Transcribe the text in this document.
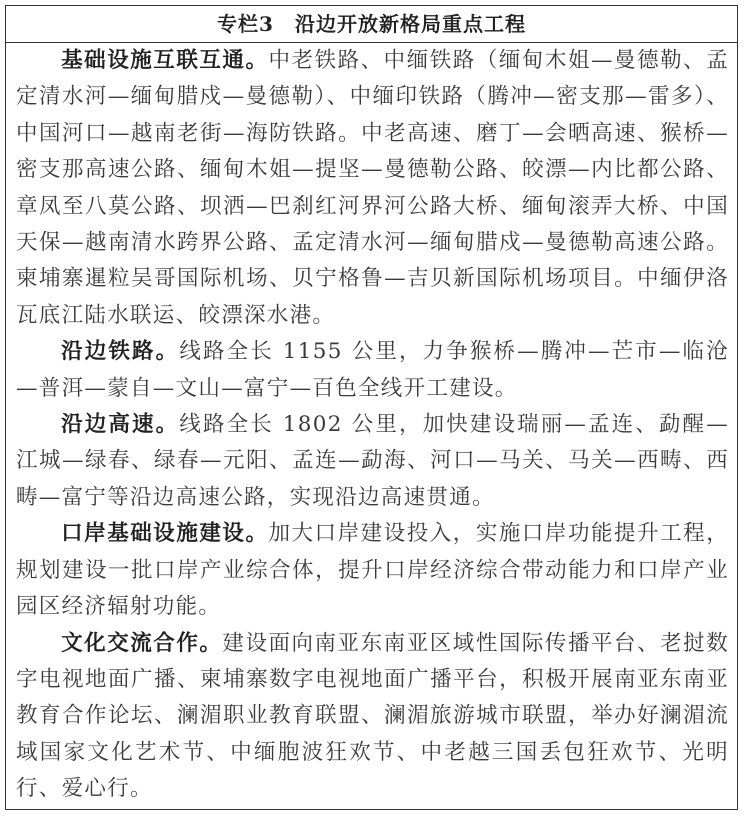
专栏3　沿边开放新格局重点工程

基础设施互联互通。中老铁路、中缅铁路（缅甸木姐—曼德勒、孟定清水河—缅甸腊戍—曼德勒）、中缅印铁路（腾冲—密支那—雷多）、中国河口—越南老街—海防铁路。中老高速、磨丁—会晒高速、猴桥—密支那高速公路、缅甸木姐—提坚—曼德勒公路、皎漂—内比都公路、章凤至八莫公路、坝洒—巴刹红河界河公路大桥、缅甸滚弄大桥、中国天保—越南清水跨界公路、孟定清水河—缅甸腊戍—曼德勒高速公路。柬埔寨暹粒吴哥国际机场、贝宁格鲁—吉贝新国际机场项目。中缅伊洛瓦底江陆水联运、皎漂深水港。

沿边铁路。线路全长 1155 公里，力争猴桥—腾冲—芒市—临沧—普洱—蒙自—文山—富宁—百色全线开工建设。

沿边高速。线路全长 1802 公里，加快建设瑞丽—孟连、勐醒—江城—绿春、绿春—元阳、孟连—勐海、河口—马关、马关—西畴、西畴—富宁等沿边高速公路，实现沿边高速贯通。

口岸基础设施建设。加大口岸建设投入，实施口岸功能提升工程，规划建设一批口岸产业综合体，提升口岸经济综合带动能力和口岸产业园区经济辐射功能。

文化交流合作。建设面向南亚东南亚区域性国际传播平台、老挝数字电视地面广播、柬埔寨数字电视地面广播平台，积极开展南亚东南亚教育合作论坛、澜湄职业教育联盟、澜湄旅游城市联盟，举办好澜湄流域国家文化艺术节、中缅胞波狂欢节、中老越三国丢包狂欢节、光明行、爱心行。
